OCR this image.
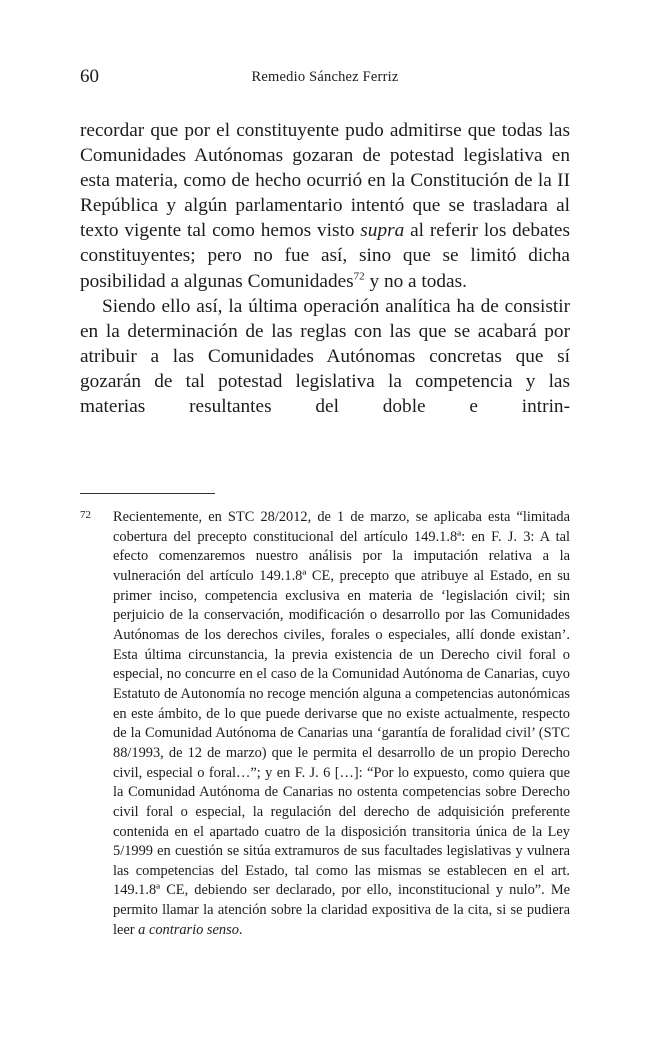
60	Remedio Sánchez Ferriz

recordar que por el constituyente pudo admitirse que todas las Comunidades Autónomas gozaran de potestad legislativa en esta materia, como de hecho ocurrió en la Constitución de la II República y algún parlamentario intentó que se trasladara al texto vigente tal como hemos visto supra al referir los debates constituyentes; pero no fue así, sino que se limitó dicha posibilidad a algunas Comunidades$^{72}$ y no a todas.

Siendo ello así, la última operación analítica ha de consistir en la determinación de las reglas con las que se acabará por atribuir a las Comunidades Autónomas concretas que sí gozarán de tal potestad legislativa la competencia y las materias resultantes del doble e intrin-

72 Recientemente, en STC 28/2012, de 1 de marzo, se aplicaba esta “limitada cobertura del precepto constitucional del artículo 149.1.8ª: en F. J. 3: A tal efecto comenzaremos nuestro análisis por la imputación relativa a la vulneración del artículo 149.1.8ª CE, precepto que atribuye al Estado, en su primer inciso, competencia exclusiva en materia de ‘legislación civil; sin perjuicio de la conservación, modificación o desarrollo por las Comunidades Autónomas de los derechos civiles, forales o especiales, allí donde existan’. Esta última circunstancia, la previa existencia de un Derecho civil foral o especial, no concurre en el caso de la Comunidad Autónoma de Canarias, cuyo Estatuto de Autonomía no recoge mención alguna a competencias autonómicas en este ámbito, de lo que puede derivarse que no existe actualmente, respecto de la Comunidad Autónoma de Canarias una ‘garantía de foralidad civil’ (STC 88/1993, de 12 de marzo) que le permita el desarrollo de un propio Derecho civil, especial o foral…”; y en F. J. 6 […]: “Por lo expuesto, como quiera que la Comunidad Autónoma de Canarias no ostenta competencias sobre Derecho civil foral o especial, la regulación del derecho de adquisición preferente contenida en el apartado cuatro de la disposición transitoria única de la Ley 5/1999 en cuestión se sitúa extramuros de sus facultades legislativas y vulnera las competencias del Estado, tal como las mismas se establecen en el art. 149.1.8ª CE, debiendo ser declarado, por ello, inconstitucional y nulo”. Me permito llamar la atención sobre la claridad expositiva de la cita, si se pudiera leer a contrario senso.
